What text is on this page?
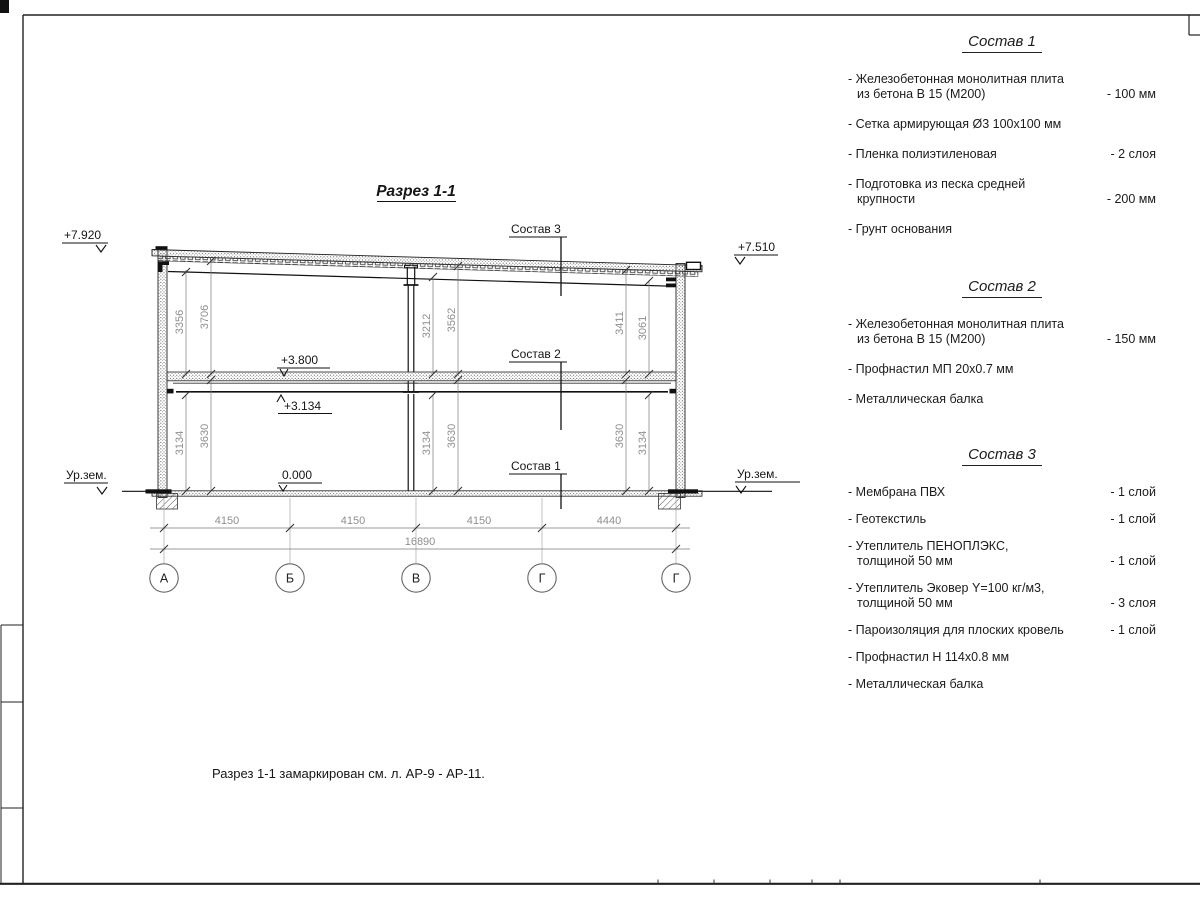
Разрез 1-1
+7.920
+7.510
Ур.зем.	Ур.зем.
+3.800
+3.134
0.000
Состав 3
Состав 2
Состав 1
3356 3706
3134 3630
3212 3562
3134 3630
3411 3061
3630 3134
4150	4150	4150	4440
16890
А	Б	В	Г	Г
Разрез 1-1 замаркирован см. л. АР-9 - АР-11.

Состав 1

- Железобетонная монолитная плита
из бетона В 15 (М200)	- 100 мм
- Сетка армирующая Ø3 100х100 мм
- Пленка полиэтиленовая	- 2 слоя
- Подготовка из песка средней
крупности	- 200 мм
- Грунт основания

Состав 2

- Железобетонная монолитная плита
из бетона В 15 (М200)	- 150 мм
- Профнастил МП 20х0.7 мм
- Металлическая балка

Состав 3

- Мембрана ПВХ	- 1 слой
- Геотекстиль	- 1 слой
- Утеплитель ПЕНОПЛЭКС,
толщиной 50 мм	- 1 слой
- Утеплитель Эковер Y=100 кг/м3,
толщиной 50 мм	- 3 слоя
- Пароизоляция для плоских кровель	- 1 слой
- Профнастил Н 114х0.8 мм
- Металлическая балка
